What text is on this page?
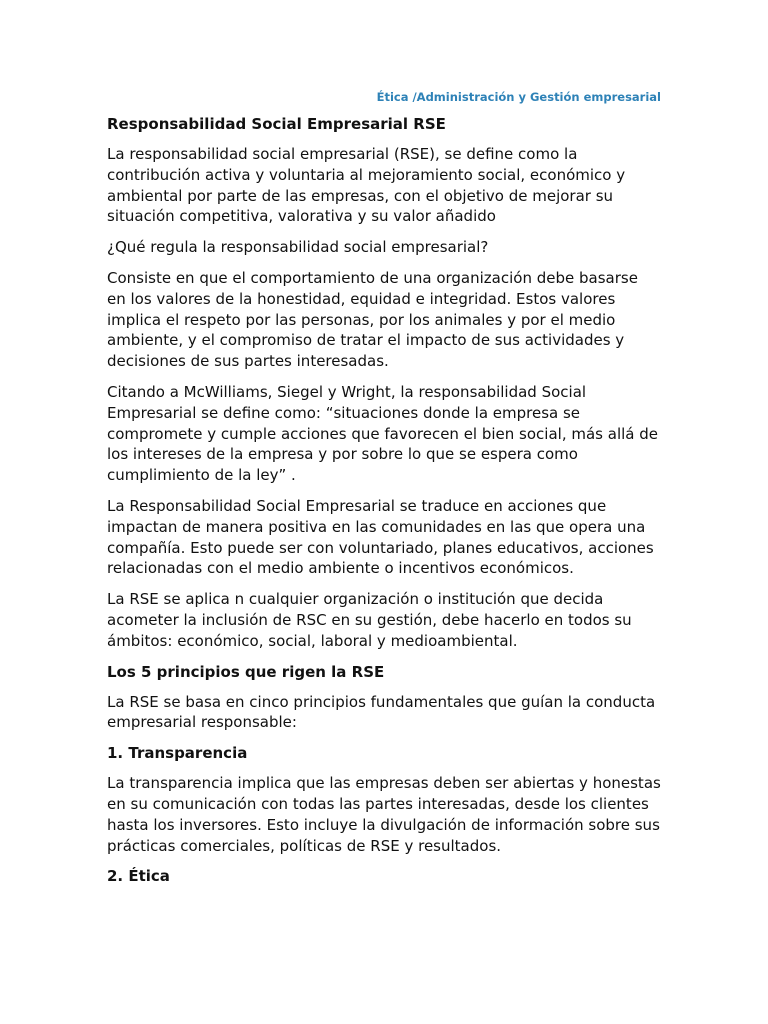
Ética /Administración y Gestión empresarial
Responsabilidad Social Empresarial RSE

La responsabilidad social empresarial (RSE), se define como la contribución activa y voluntaria al mejoramiento social, económico y ambiental por parte de las empresas, con el objetivo de mejorar su situación competitiva, valorativa y su valor añadido

¿Qué regula la responsabilidad social empresarial?

Consiste en que el comportamiento de una organización debe basarse en los valores de la honestidad, equidad e integridad. Estos valores implica el respeto por las personas, por los animales y por el medio ambiente, y el compromiso de tratar el impacto de sus actividades y decisiones de sus partes interesadas.

Citando a McWilliams, Siegel y Wright, la responsabilidad Social Empresarial se define como: “situaciones donde la empresa se compromete y cumple acciones que favorecen el bien social, más allá de los intereses de la empresa y por sobre lo que se espera como cumplimiento de la ley” .

La Responsabilidad Social Empresarial se traduce en acciones que impactan de manera positiva en las comunidades en las que opera una compañía. Esto puede ser con voluntariado, planes educativos, acciones relacionadas con el medio ambiente o incentivos económicos.

La RSE se aplica n cualquier organización o institución que decida acometer la inclusión de RSC en su gestión, debe hacerlo en todos su ámbitos: económico, social, laboral y medioambiental.

Los 5 principios que rigen la RSE

La RSE se basa en cinco principios fundamentales que guían la conducta empresarial responsable:

1. Transparencia

La transparencia implica que las empresas deben ser abiertas y honestas en su comunicación con todas las partes interesadas, desde los clientes hasta los inversores. Esto incluye la divulgación de información sobre sus prácticas comerciales, políticas de RSE y resultados.

2. Ética
